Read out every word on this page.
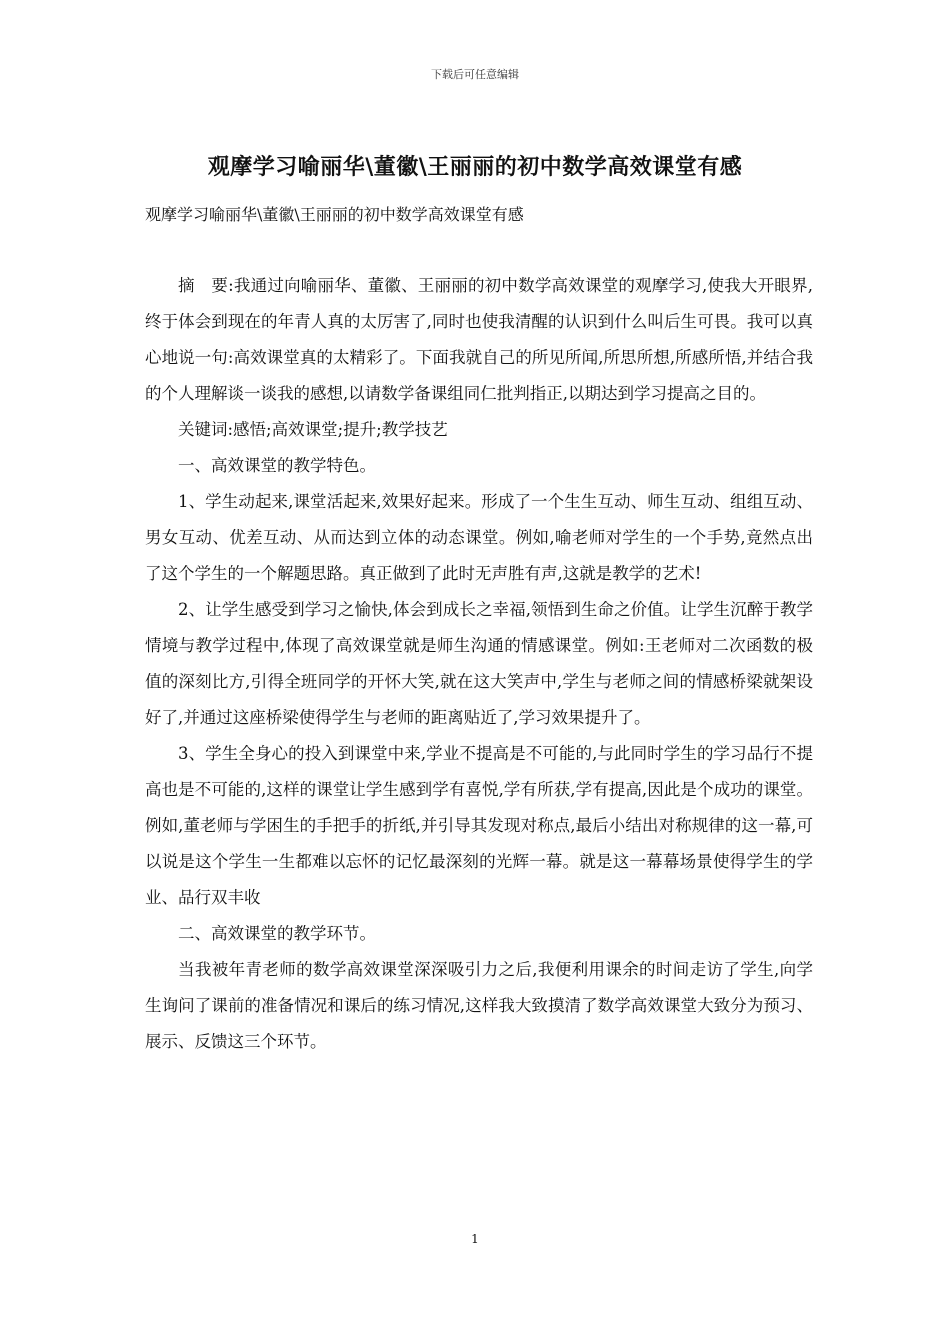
下载后可任意编辑
观摩学习喻丽华\董徽\王丽丽的初中数学高效课堂有感

观摩学习喻丽华\董徽\王丽丽的初中数学高效课堂有感

摘　要:我通过向喻丽华、董徽、王丽丽的初中数学高效课堂的观摩学习,使我大开眼界,终于体会到现在的年青人真的太厉害了,同时也使我清醒的认识到什么叫后生可畏。我可以真心地说一句:高效课堂真的太精彩了。下面我就自己的所见所闻,所思所想,所感所悟,并结合我的个人理解谈一谈我的感想,以请数学备课组同仁批判指正,以期达到学习提高之目的。

关键词:感悟;高效课堂;提升;教学技艺

一、高效课堂的教学特色。

1、学生动起来,课堂活起来,效果好起来。形成了一个生生互动、师生互动、组组互动、男女互动、优差互动、从而达到立体的动态课堂。例如,喻老师对学生的一个手势,竟然点出了这个学生的一个解题思路。真正做到了此时无声胜有声,这就是教学的艺术!

2、让学生感受到学习之愉快,体会到成长之幸福,领悟到生命之价值。让学生沉醉于教学情境与教学过程中,体现了高效课堂就是师生沟通的情感课堂。例如:王老师对二次函数的极值的深刻比方,引得全班同学的开怀大笑,就在这大笑声中,学生与老师之间的情感桥梁就架设好了,并通过这座桥梁使得学生与老师的距离贴近了,学习效果提升了。

3、学生全身心的投入到课堂中来,学业不提高是不可能的,与此同时学生的学习品行不提高也是不可能的,这样的课堂让学生感到学有喜悦,学有所获,学有提高,因此是个成功的课堂。例如,董老师与学困生的手把手的折纸,并引导其发现对称点,最后小结出对称规律的这一幕,可以说是这个学生一生都难以忘怀的记忆最深刻的光辉一幕。就是这一幕幕场景使得学生的学业、品行双丰收

二、高效课堂的教学环节。

当我被年青老师的数学高效课堂深深吸引力之后,我便利用课余的时间走访了学生,向学生询问了课前的准备情况和课后的练习情况,这样我大致摸清了数学高效课堂大致分为预习、展示、反馈这三个环节。

1
